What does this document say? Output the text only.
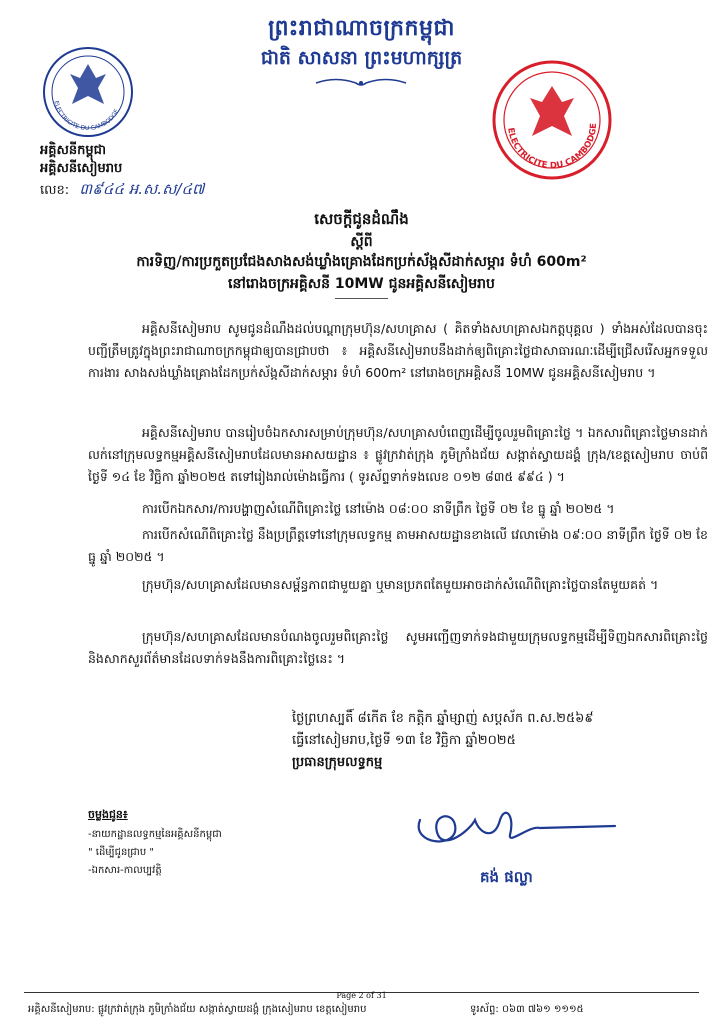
ព្រះរាជាណាចក្រកម្ពុជា
ជាតិ សាសនា ព្រះមហាក្សត្រ
ELECTRICITE DU CAMBODGE
ELECTRICITE DU CAMBODGE
អគ្គិសនីកម្ពុជា
អគ្គិសនីសៀមរាប
លេខ: ៣៩៤៤ អ.ស.ស/៤៧
សេចក្តីជូនដំណឹង
ស្តីពី
ការទិញ/ការប្រកួតប្រជែងសាងសង់ឃ្លាំងគ្រោងដែកប្រក់ស័ង្កសីដាក់សម្ភារ ទំហំ 600m²
នៅរោងចក្រអគ្គិសនី 10MW ជូនអគ្គិសនីសៀមរាប

អគ្គិសនីសៀមរាប សូមជូនដំណឹងដល់បណ្តាក្រុមហ៊ុន/សហគ្រាស ( គិតទាំងសហគ្រាសឯកត្តបុគ្គល ) ទាំងអស់ដែលបានចុះបញ្ជីត្រឹមត្រូវក្នុងព្រះរាជាណាចក្រកម្ពុជាឲ្យបានជ្រាបថា ៖ អគ្គិសនីសៀមរាបនឹងដាក់ឲ្យពិគ្រោះថ្លៃជាសាធារណៈដើម្បីជ្រើសរើសអ្នកទទួលការងារ សាងសង់ឃ្លាំងគ្រោងដែកប្រក់ស័ង្កសីដាក់សម្ភារ ទំហំ 600m² នៅរោងចក្រអគ្គិសនី 10MW ជូនអគ្គិសនីសៀមរាប ។

អគ្គិសនីសៀមរាប បានរៀបចំឯកសារសម្រាប់ក្រុមហ៊ុន/សហគ្រាសបំពេញដើម្បីចូលរួមពិគ្រោះថ្លៃ ។ ឯកសារពិគ្រោះថ្លៃមានដាក់លក់នៅក្រុមលទ្ធកម្មអគ្គិសនីសៀមរាបដែលមានអាសយដ្ឋាន ៖ ផ្លូវក្រវាត់ក្រុង ភូមិក្រាំងជ័យ សង្កាត់ស្វាយដង្គំ ក្រុង/ខេត្តសៀមរាប ចាប់ពីថ្ងៃទី ១៤ ខែ វិច្ឆិកា ឆ្នាំ២០២៥ តទៅរៀងរាល់ម៉ោងធ្វើការ ( ទូរស័ព្ទទាក់ទងលេខ ០១២ ៨៣៥ ៩៩៤ ) ។

ការបើកឯកសារ/ការបង្ហាញសំណើពិគ្រោះថ្លៃ នៅម៉ោង ០៨:០០ នាទីព្រឹក ថ្ងៃទី ០២ ខែ ធ្នូ ឆ្នាំ ២០២៥ ។

ការបើកសំណើពិគ្រោះថ្លៃ នឹងប្រព្រឹត្តទៅនៅក្រុមលទ្ធកម្ម តាមអាសយដ្ឋានខាងលើ វេលាម៉ោង ០៩:០០ នាទីព្រឹក ថ្ងៃទី ០២ ខែ ធ្នូ ឆ្នាំ ២០២៥ ។

ក្រុមហ៊ុន/សហគ្រាសដែលមានសម្ព័ន្ធភាពជាមួយគ្នា ឬមានប្រភពតែមួយអាចដាក់សំណើពិគ្រោះថ្លៃបានតែមួយគត់ ។

ក្រុមហ៊ុន/សហគ្រាសដែលមានបំណងចូលរួមពិគ្រោះថ្លៃ សូមអញ្ជើញទាក់ទងជាមួយក្រុមលទ្ធកម្មដើម្បីទិញឯកសារពិគ្រោះថ្លៃ និងសាកសួរព័ត៌មានដែលទាក់ទងនឹងការពិគ្រោះថ្លៃនេះ ។

ថ្ងៃព្រហស្បតិ៍ ៨កើត ខែ កត្តិក ឆ្នាំម្សាញ់ សប្តស័ក ព.ស.២៥៦៩
ធ្វើនៅសៀមរាប,ថ្ងៃទី ១៣ ខែ វិច្ឆិកា ឆ្នាំ២០២៥
ប្រធានក្រុមលទ្ធកម្ម
គង់ ផល្លា
ចម្លងជូន៖
-នាយកដ្ឋានលទ្ធកម្មនៃអគ្គិសនីកម្ពុជា
" ដើម្បីជូនជ្រាប "
-ឯកសារ-កាលប្បវត្តិ
Page 2 of 31
អគ្គិសនីសៀមរាប: ផ្លូវក្រវាត់ក្រុង ភូមិក្រាំងជ័យ សង្កាត់ស្វាយដង្គំ ក្រុងសៀមរាប ខេត្តសៀមរាប	ទូរស័ព្ទ: ០៦៣ ៧៦១ ១១១៥
